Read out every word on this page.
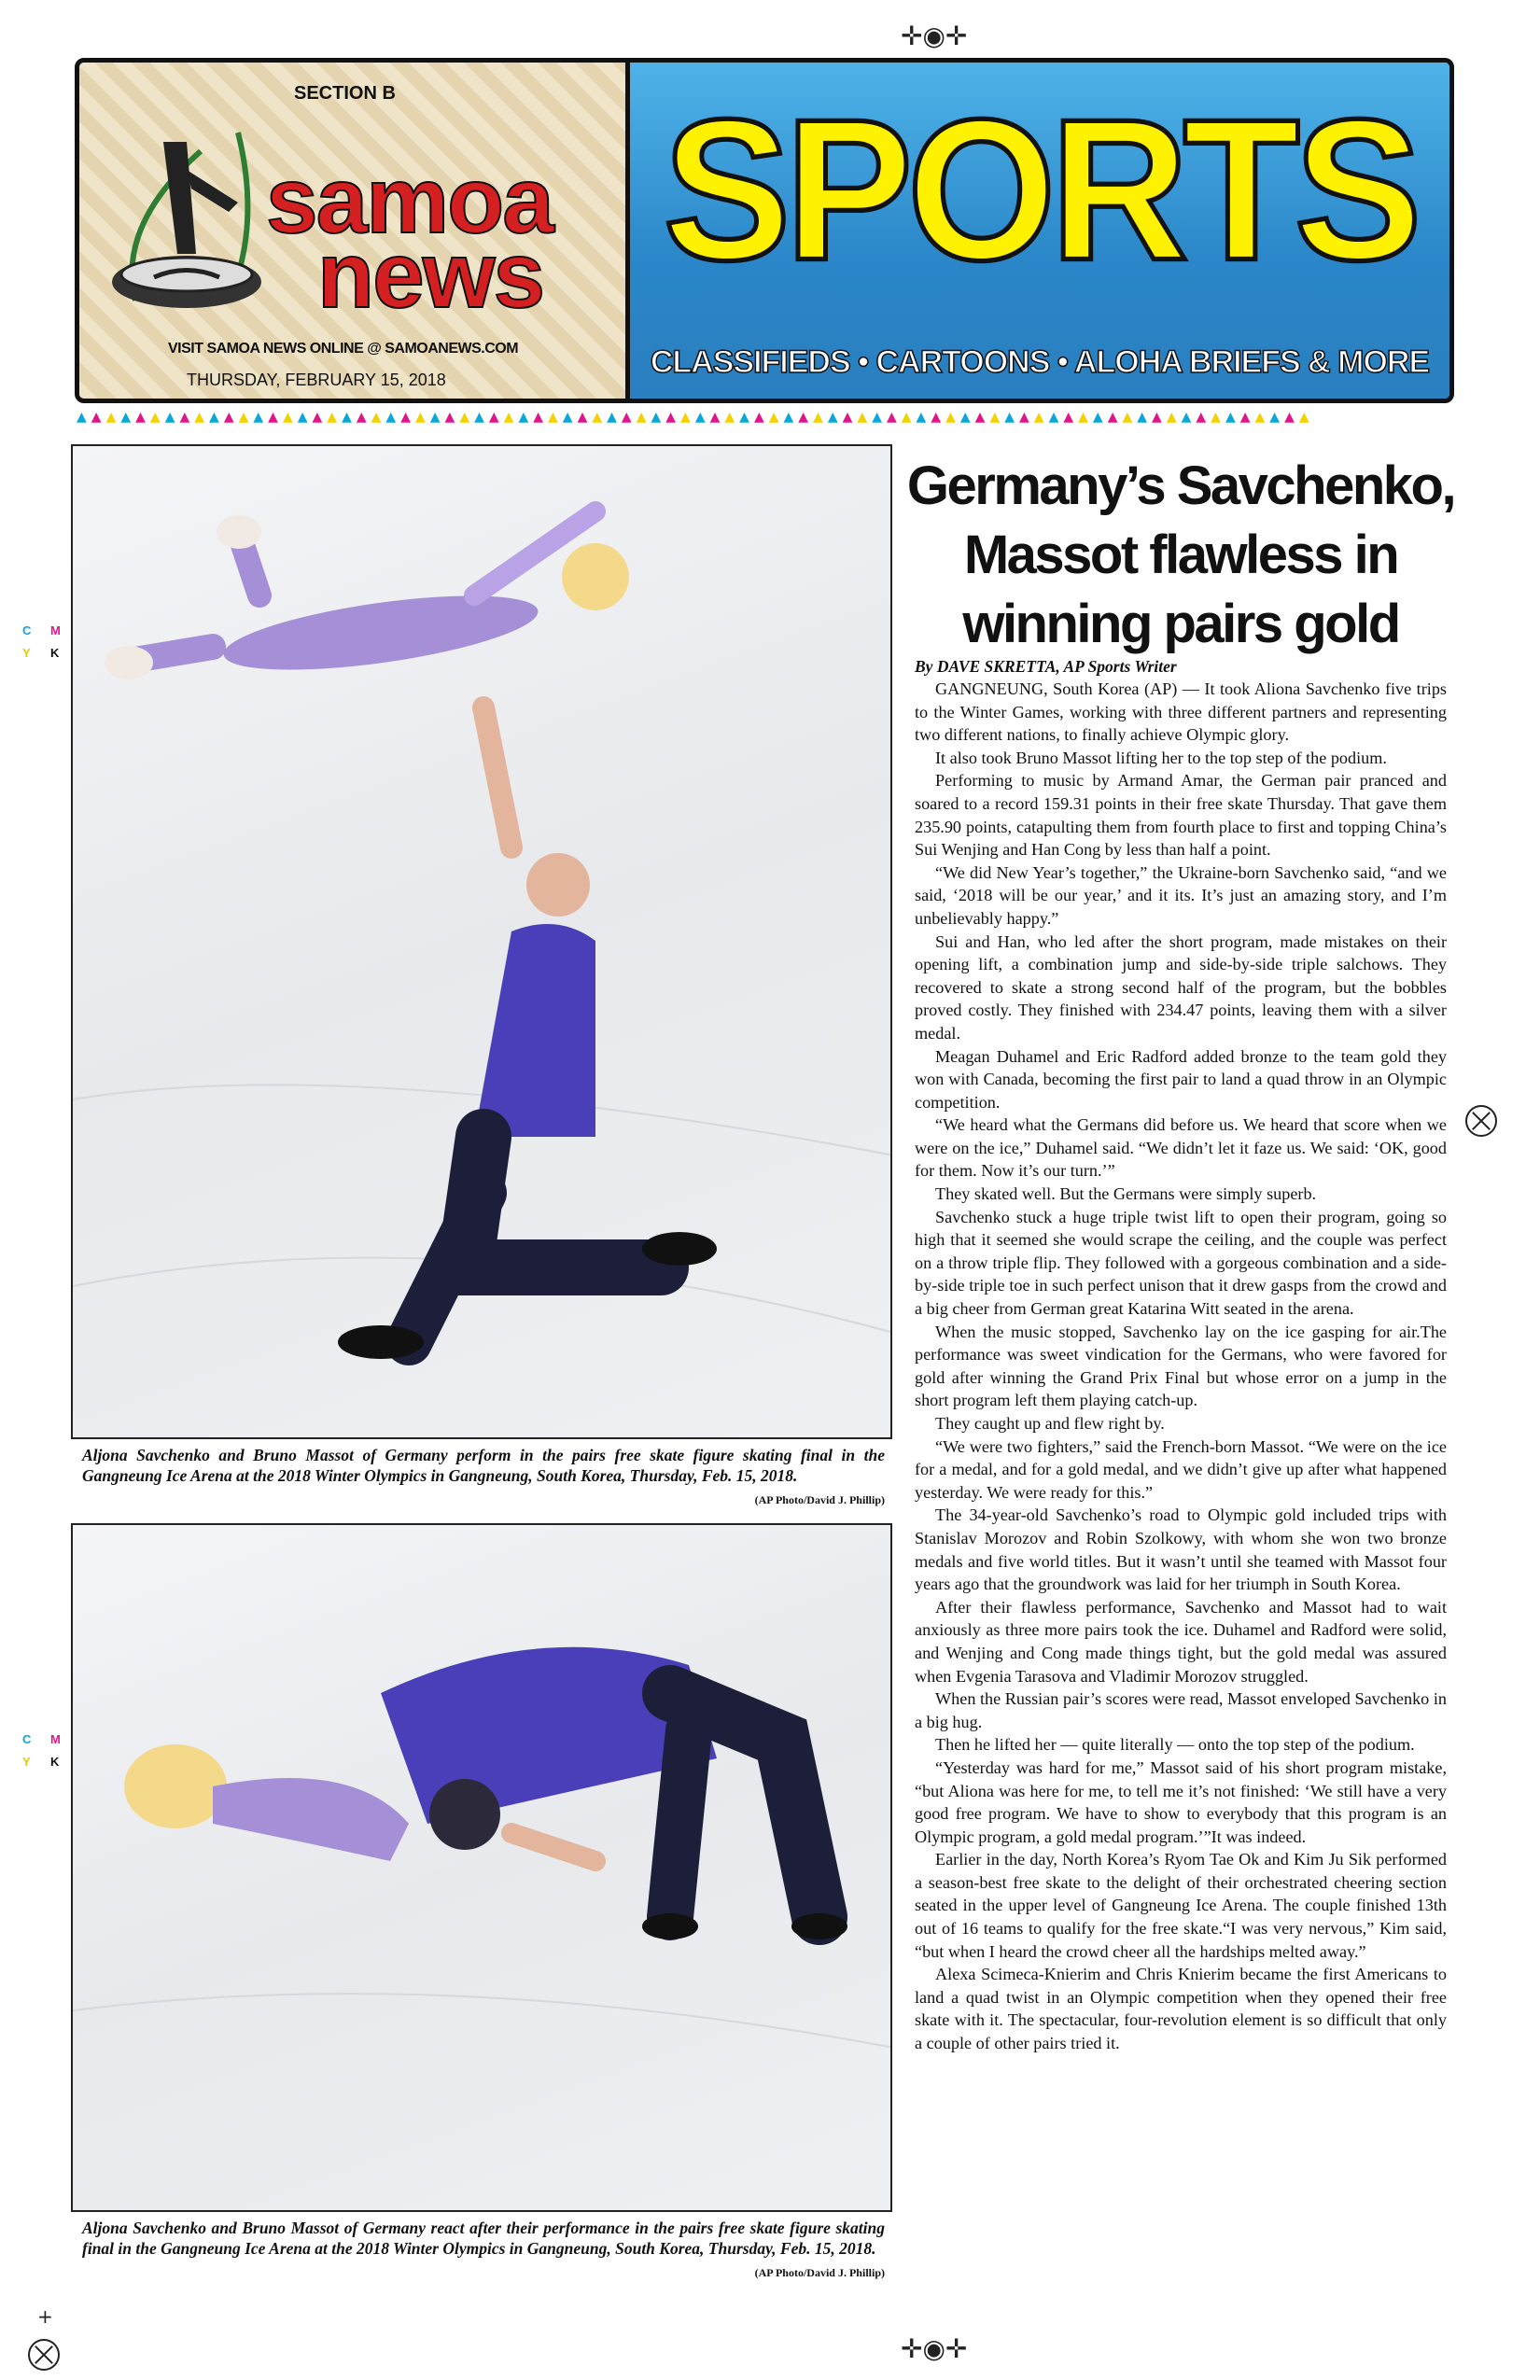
✛◉✛
✛◉✛
+
C M
Y K
C M
Y K
SECTION B
samoa
news
VISIT SAMOA NEWS ONLINE @ SAMOANEWS.COM
THURSDAY, FEBRUARY 15, 2018
SPORTS
CLASSIFIEDS • CARTOONS • ALOHA BRIEFS & MORE
▲▲▲▲▲▲▲▲▲▲▲▲▲▲▲▲▲▲▲▲▲▲▲▲▲▲▲▲▲▲▲▲▲▲▲▲▲▲▲▲▲▲▲▲▲▲▲▲▲▲▲▲▲▲▲▲▲▲▲▲▲▲▲▲▲▲▲▲▲▲▲▲▲▲▲▲▲▲▲▲▲▲▲▲
Aljona Savchenko and Bruno Massot of Germany perform in the pairs free skate figure skating final in the Gangneung Ice Arena at the 2018 Winter Olympics in Gangneung, South Korea, Thursday, Feb. 15, 2018.
(AP Photo/David J. Phillip)
Aljona Savchenko and Bruno Massot of Germany react after their performance in the pairs free skate figure skating final in the Gangneung Ice Arena at the 2018 Winter Olympics in Gangneung, South Korea, Thursday, Feb. 15, 2018.
(AP Photo/David J. Phillip)
Germany’s Savchenko, Massot flawless in winning pairs gold
By DAVE SKRETTA, AP Sports Writer

GANGNEUNG, South Korea (AP) — It took Aliona Savchenko five trips to the Winter Games, working with three different partners and representing two different nations, to finally achieve Olympic glory.

It also took Bruno Massot lifting her to the top step of the podium.

Performing to music by Armand Amar, the German pair pranced and soared to a record 159.31 points in their free skate Thursday. That gave them 235.90 points, catapulting them from fourth place to first and topping China’s Sui Wenjing and Han Cong by less than half a point.

“We did New Year’s together,” the Ukraine-born Savchenko said, “and we said, ‘2018 will be our year,’ and it its. It’s just an amazing story, and I’m unbelievably happy.”

Sui and Han, who led after the short program, made mistakes on their opening lift, a combination jump and side-by-side triple salchows. They recovered to skate a strong second half of the program, but the bobbles proved costly. They finished with 234.47 points, leaving them with a silver medal.

Meagan Duhamel and Eric Radford added bronze to the team gold they won with Canada, becoming the first pair to land a quad throw in an Olympic competition.

“We heard what the Germans did before us. We heard that score when we were on the ice,” Duhamel said. “We didn’t let it faze us. We said: ‘OK, good for them. Now it’s our turn.’”

They skated well. But the Germans were simply superb.

Savchenko stuck a huge triple twist lift to open their program, going so high that it seemed she would scrape the ceiling, and the couple was perfect on a throw triple flip. They followed with a gorgeous combination and a side-by-side triple toe in such perfect unison that it drew gasps from the crowd and a big cheer from German great Katarina Witt seated in the arena.

When the music stopped, Savchenko lay on the ice gasping for air.The performance was sweet vindication for the Germans, who were favored for gold after winning the Grand Prix Final but whose error on a jump in the short program left them playing catch-up.

They caught up and flew right by.

“We were two fighters,” said the French-born Massot. “We were on the ice for a medal, and for a gold medal, and we didn’t give up after what happened yesterday. We were ready for this.”

The 34-year-old Savchenko’s road to Olympic gold included trips with Stanislav Morozov and Robin Szolkowy, with whom she won two bronze medals and five world titles. But it wasn’t until she teamed with Massot four years ago that the groundwork was laid for her triumph in South Korea.

After their flawless performance, Savchenko and Massot had to wait anxiously as three more pairs took the ice. Duhamel and Radford were solid, and Wenjing and Cong made things tight, but the gold medal was assured when Evgenia Tarasova and Vladimir Morozov struggled.

When the Russian pair’s scores were read, Massot enveloped Savchenko in a big hug.

Then he lifted her — quite literally — onto the top step of the podium.

“Yesterday was hard for me,” Massot said of his short program mistake, “but Aliona was here for me, to tell me it’s not finished: ‘We still have a very good free program. We have to show to everybody that this program is an Olympic program, a gold medal program.’”It was indeed.

Earlier in the day, North Korea’s Ryom Tae Ok and Kim Ju Sik performed a season-best free skate to the delight of their orchestrated cheering section seated in the upper level of Gangneung Ice Arena. The couple finished 13th out of 16 teams to qualify for the free skate.“I was very nervous,” Kim said, “but when I heard the crowd cheer all the hardships melted away.”

Alexa Scimeca-Knierim and Chris Knierim became the first Americans to land a quad twist in an Olympic competition when they opened their free skate with it. The spectacular, four-revolution element is so difficult that only a couple of other pairs tried it.
